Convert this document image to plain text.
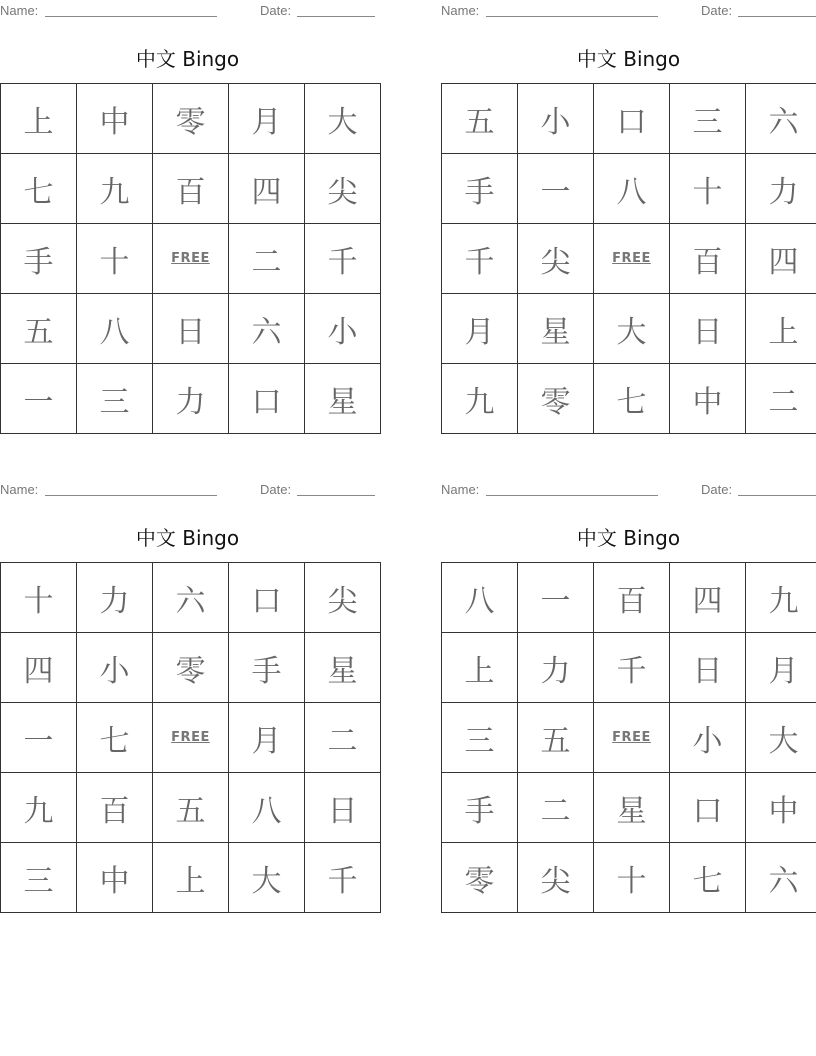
Name:	Date:
中文 Bingo
上	中	零	月	大
七	九	百	四	尖
手	十	FREE	二	千
五	八	日	六	小
一	三	力	口	星
Name:	Date:
中文 Bingo
五	小	口	三	六
手	一	八	十	力
千	尖	FREE	百	四
月	星	大	日	上
九	零	七	中	二
Name:	Date:
中文 Bingo
十	力	六	口	尖
四	小	零	手	星
一	七	FREE	月	二
九	百	五	八	日
三	中	上	大	千
Name:	Date:
中文 Bingo
八	一	百	四	九
上	力	千	日	月
三	五	FREE	小	大
手	二	星	口	中
零	尖	十	七	六
